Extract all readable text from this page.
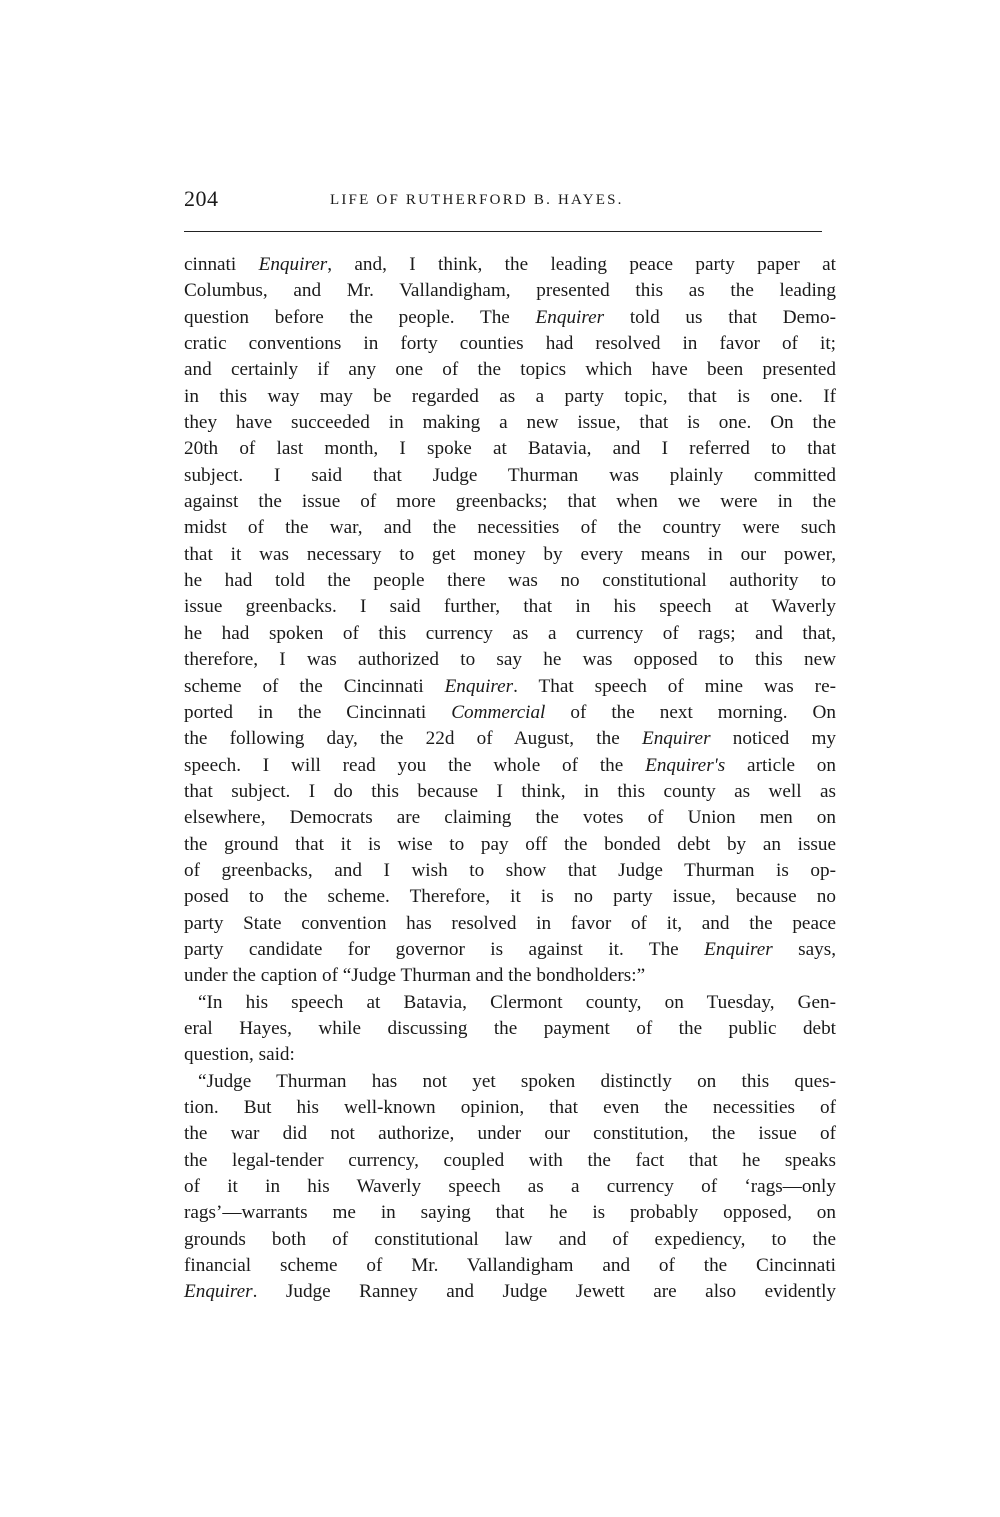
204	LIFE OF RUTHERFORD B. HAYES.
cinnati Enquirer, and, I think, the leading peace party paper at
Columbus, and Mr. Vallandigham, presented this as the leading
question before the people. The Enquirer told us that Demo-
cratic conventions in forty counties had resolved in favor of it;
and certainly if any one of the topics which have been presented
in this way may be regarded as a party topic, that is one. If
they have succeeded in making a new issue, that is one. On the
20th of last month, I spoke at Batavia, and I referred to that
subject. I said that Judge Thurman was plainly committed
against the issue of more greenbacks; that when we were in the
midst of the war, and the necessities of the country were such
that it was necessary to get money by every means in our power,
he had told the people there was no constitutional authority to
issue greenbacks. I said further, that in his speech at Waverly
he had spoken of this currency as a currency of rags; and that,
therefore, I was authorized to say he was opposed to this new
scheme of the Cincinnati Enquirer. That speech of mine was re-
ported in the Cincinnati Commercial of the next morning. On
the following day, the 22d of August, the Enquirer noticed my
speech. I will read you the whole of the Enquirer's article on
that subject. I do this because I think, in this county as well as
elsewhere, Democrats are claiming the votes of Union men on
the ground that it is wise to pay off the bonded debt by an issue
of greenbacks, and I wish to show that Judge Thurman is op-
posed to the scheme. Therefore, it is no party issue, because no
party State convention has resolved in favor of it, and the peace
party candidate for governor is against it. The Enquirer says,
under the caption of “Judge Thurman and the bondholders:”
“In his speech at Batavia, Clermont county, on Tuesday, Gen-
eral Hayes, while discussing the payment of the public debt
question, said:
“Judge Thurman has not yet spoken distinctly on this ques-
tion. But his well-known opinion, that even the necessities of
the war did not authorize, under our constitution, the issue of
the legal-tender currency, coupled with the fact that he speaks
of it in his Waverly speech as a currency of ‘rags—only
rags’—warrants me in saying that he is probably opposed, on
grounds both of constitutional law and of expediency, to the
financial scheme of Mr. Vallandigham and of the Cincinnati
Enquirer. Judge Ranney and Judge Jewett are also evidently
